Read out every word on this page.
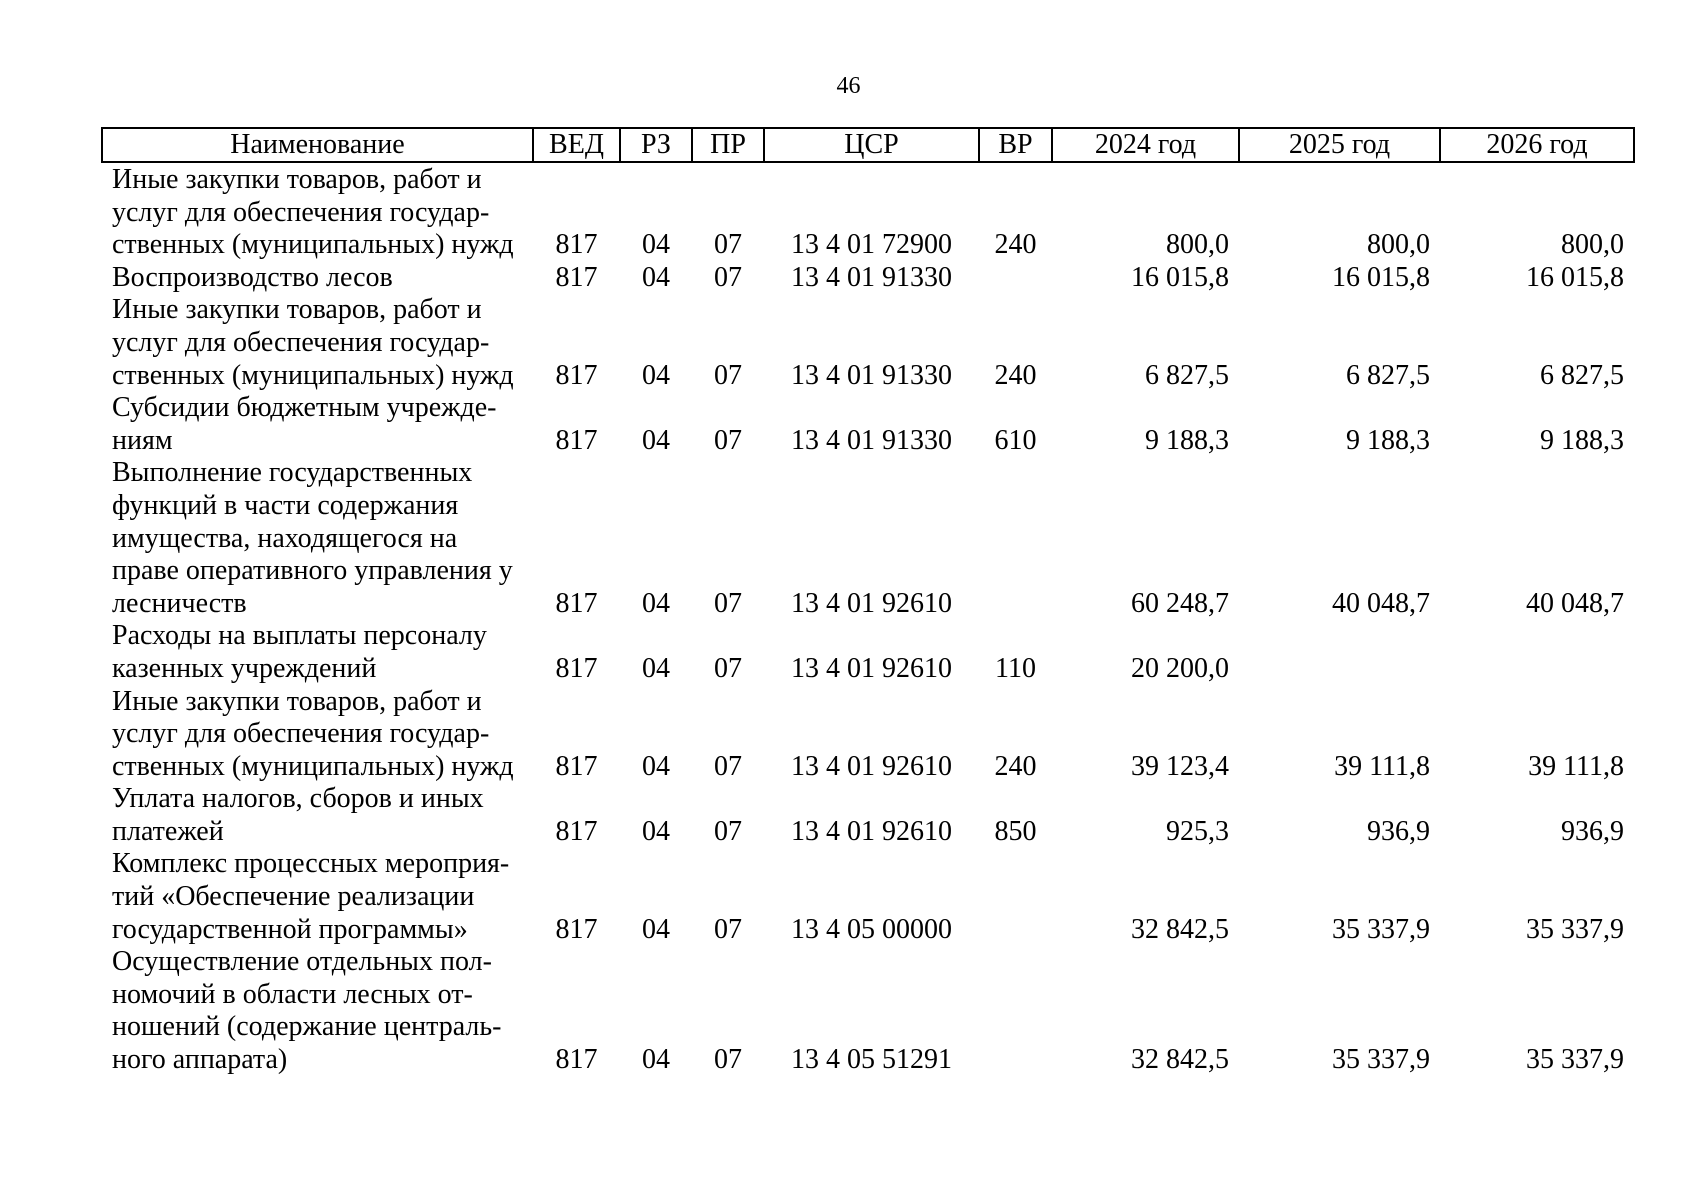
46
Наименование	ВЕД	РЗ	ПР	ЦСР	ВР	2024 год	2025 год	2026 год
Иные закупки товаров, работ и
услуг для обеспечения государ-
ственных (муниципальных) нужд	817	04	07	13 4 01 72900	240	800,0	800,0	800,0
Воспроизводство лесов	817	04	07	13 4 01 91330		16 015,8	16 015,8	16 015,8
Иные закупки товаров, работ и
услуг для обеспечения государ-
ственных (муниципальных) нужд	817	04	07	13 4 01 91330	240	6 827,5	6 827,5	6 827,5
Субсидии бюджетным учрежде-
ниям	817	04	07	13 4 01 91330	610	9 188,3	9 188,3	9 188,3
Выполнение государственных
функций в части содержания
имущества, находящегося на
праве оперативного управления у
лесничеств	817	04	07	13 4 01 92610		60 248,7	40 048,7	40 048,7
Расходы на выплаты персоналу
казенных учреждений	817	04	07	13 4 01 92610	110	20 200,0		
Иные закупки товаров, работ и
услуг для обеспечения государ-
ственных (муниципальных) нужд	817	04	07	13 4 01 92610	240	39 123,4	39 111,8	39 111,8
Уплата налогов, сборов и иных
платежей	817	04	07	13 4 01 92610	850	925,3	936,9	936,9
Комплекс процессных мероприя-
тий «Обеспечение реализации
государственной программы»	817	04	07	13 4 05 00000		32 842,5	35 337,9	35 337,9
Осуществление отдельных пол-
номочий в области лесных от-
ношений (содержание централь-
ного аппарата)	817	04	07	13 4 05 51291		32 842,5	35 337,9	35 337,9
